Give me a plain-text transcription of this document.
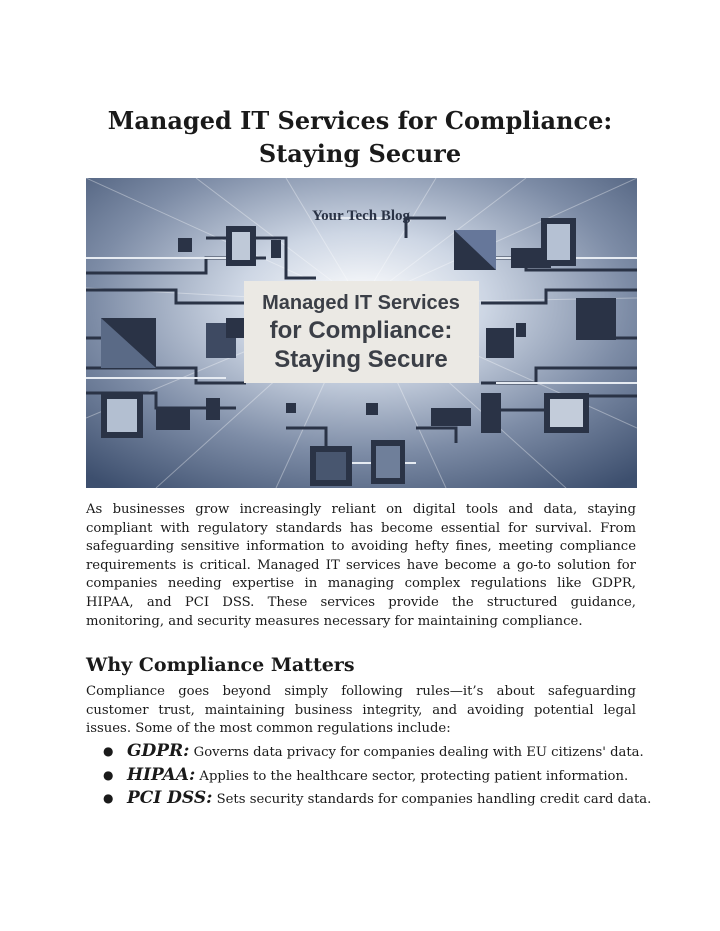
Managed IT Services for Compliance: Staying Secure
Your Tech Blog
Managed IT Services
for Compliance:
Staying Secure

As businesses grow increasingly reliant on digital tools and data, staying compliant with regulatory standards has become essential for survival. From safeguarding sensitive information to avoiding hefty fines, meeting compliance requirements is critical. Managed IT services have become a go-to solution for companies needing expertise in managing complex regulations like GDPR, HIPAA, and PCI DSS. These services provide the structured guidance, monitoring, and security measures necessary for maintaining compliance.

Why Compliance Matters

Compliance goes beyond simply following rules—it’s about safeguarding customer trust, maintaining business integrity, and avoiding potential legal issues. Some of the most common regulations include:

● GDPR: Governs data privacy for companies dealing with EU citizens' data.
● HIPAA: Applies to the healthcare sector, protecting patient information.
● PCI DSS: Sets security standards for companies handling credit card data.
